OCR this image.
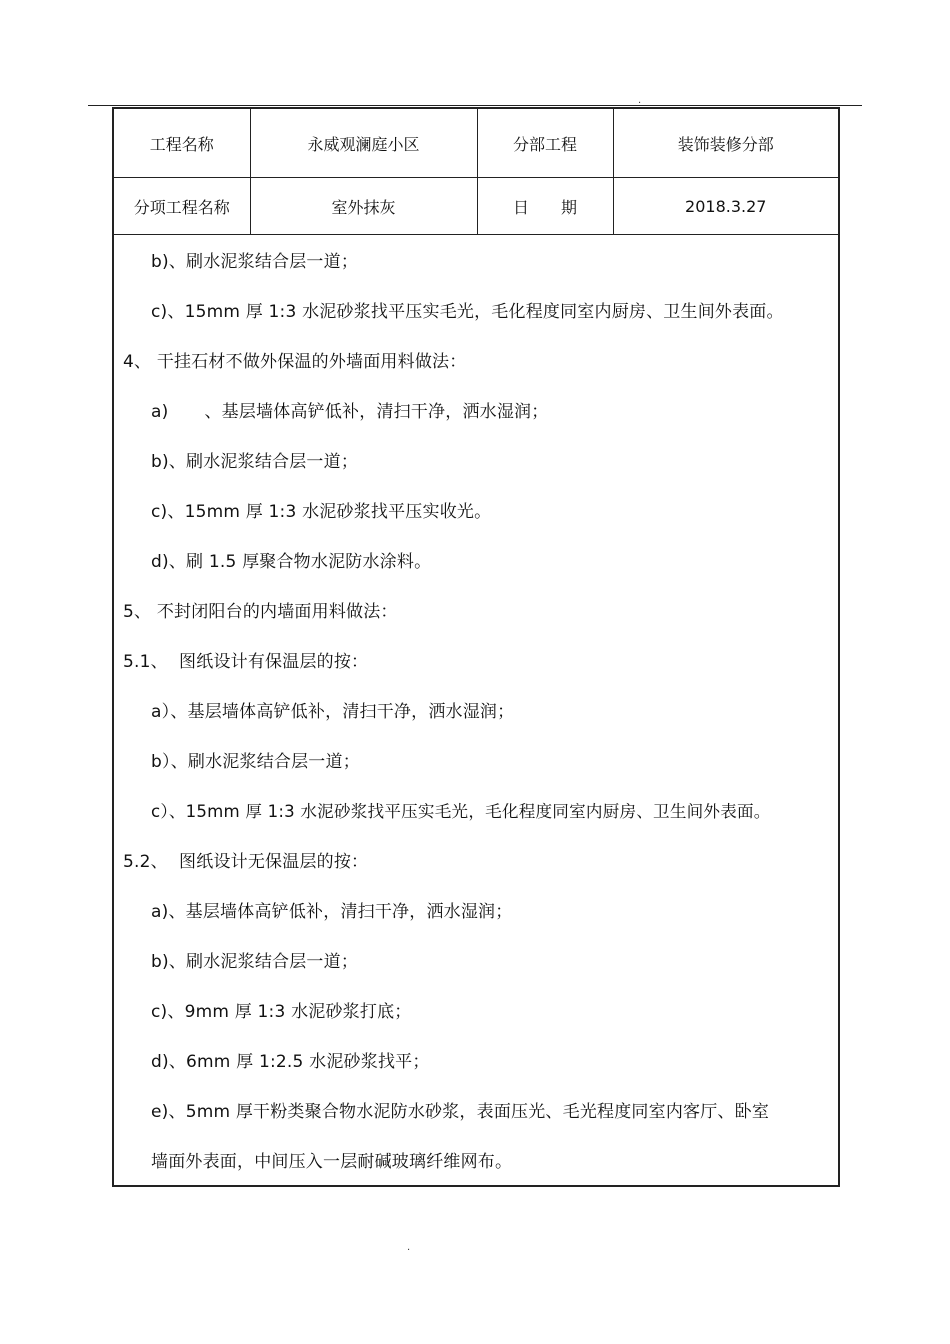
.
工程名称	永威观澜庭小区	分部工程	装饰装修分部
分项工程名称	室外抹灰	日　　期	2018.3.27
b)、刷水泥浆结合层一道；
c)、15mm 厚 1:3 水泥砂浆找平压实毛光，毛化程度同室内厨房、卫生间外表面。
4、 干挂石材不做外保温的外墙面用料做法：
a) 、基层墙体高铲低补，清扫干净，洒水湿润；
b)、刷水泥浆结合层一道；
c)、15mm 厚 1:3 水泥砂浆找平压实收光。
d)、刷 1.5 厚聚合物水泥防水涂料。
5、 不封闭阳台的内墙面用料做法：
5.1、  图纸设计有保温层的按：
a）、基层墙体高铲低补，清扫干净，洒水湿润；
b）、刷水泥浆结合层一道；
c）、15mm 厚 1:3 水泥砂浆找平压实毛光，毛化程度同室内厨房、卫生间外表面。
5.2、  图纸设计无保温层的按：
a)、基层墙体高铲低补，清扫干净，洒水湿润；
b)、刷水泥浆结合层一道；
c)、9mm 厚 1:3 水泥砂浆打底；
d)、6mm 厚 1:2.5 水泥砂浆找平；
e)、5mm 厚干粉类聚合物水泥防水砂浆，表面压光、毛光程度同室内客厅、卧室
墙面外表面，中间压入一层耐碱玻璃纤维网布。
.
